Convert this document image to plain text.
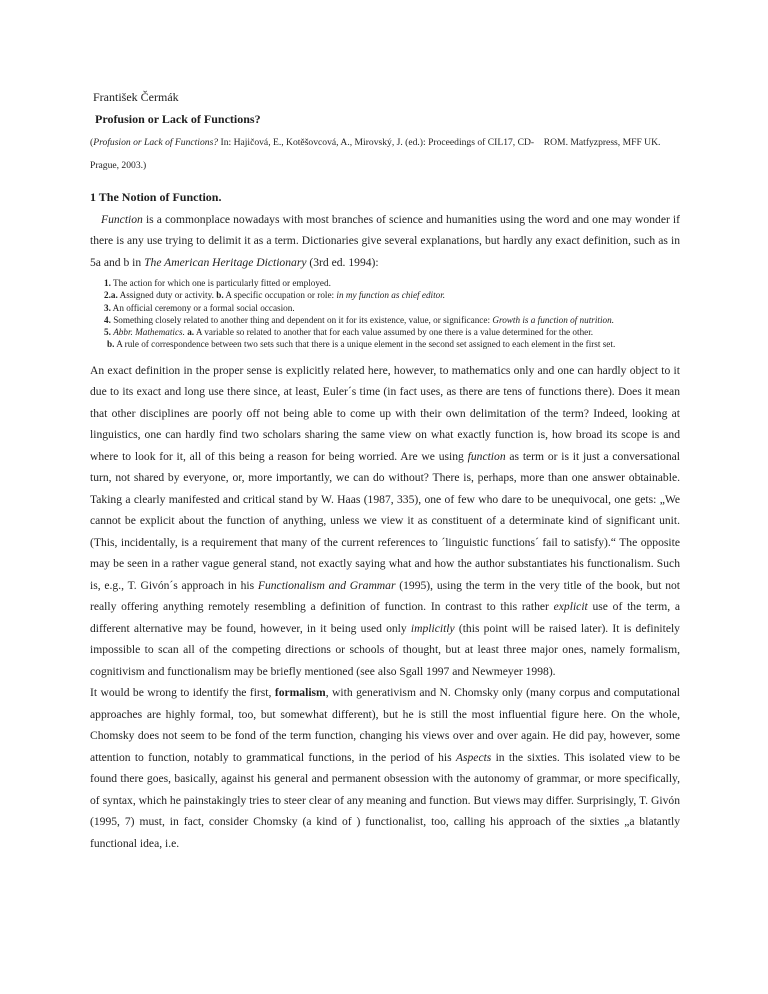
František Čermák
Profusion or Lack of Functions?
(Profusion or Lack of Functions? In: Hajičová, E., Kotěšovcová, A., Mirovský, J. (ed.): Proceedings of CIL17, CD-    ROM. Matfyzpress, MFF UK.
Prague, 2003.)
1 The Notion of Function.

Function is a commonplace nowadays with most branches of science and humanities using the word and one may wonder if there is any use trying to delimit it as a term. Dictionaries give several explanations, but hardly any exact definition, such as in 5a and b in The American Heritage Dictionary (3rd ed. 1994):

1. The action for which one is particularly fitted or employed.
2.a. Assigned duty or activity. b. A specific occupation or role: in my function as chief editor.
3. An official ceremony or a formal social occasion.
4. Something closely related to another thing and dependent on it for its existence, value, or significance: Growth is a function of nutrition.
5. Abbr. Mathematics. a. A variable so related to another that for each value assumed by one there is a value determined for the other.
b. A rule of correspondence between two sets such that there is a unique element in the second set assigned to each element in the first set.

An exact definition in the proper sense is explicitly related here, however, to mathematics only and one can hardly object to it due to its exact and long use there since, at least, Euler´s time (in fact uses, as there are tens of functions there). Does it mean that other disciplines are poorly off not being able to come up with their own delimitation of the term? Indeed, looking at linguistics, one can hardly find two scholars sharing the same view on what exactly function is, how broad its scope is and where to look for it, all of this being a reason for being worried. Are we using function as term or is it just a conversational turn, not shared by everyone, or, more importantly, we can do without? There is, perhaps, more than one answer obtainable. Taking a clearly manifested and critical stand by W. Haas (1987, 335), one of few who dare to be unequivocal, one gets: „We cannot be explicit about the function of anything, unless we view it as constituent of a determinate kind of significant unit. (This, incidentally, is a requirement that many of the current references to ´linguistic functions´ fail to satisfy).“ The opposite may be seen in a rather vague general stand, not exactly saying what and how the author substantiates his functionalism. Such is, e.g., T. Givón´s approach in his Functionalism and Grammar (1995), using the term in the very title of the book, but not really offering anything remotely resembling a definition of function. In contrast to this rather explicit use of the term, a different alternative may be found, however, in it being used only implicitly (this point will be raised later). It is definitely impossible to scan all of the competing directions or schools of thought, but at least three major ones, namely formalism, cognitivism and functionalism may be briefly mentioned (see also Sgall 1997 and Newmeyer 1998).

It would be wrong to identify the first, formalism, with generativism and N. Chomsky only (many corpus and computational approaches are highly formal, too, but somewhat different), but he is still the most influential figure here. On the whole, Chomsky does not seem to be fond of the term function, changing his views over and over again. He did pay, however, some attention to function, notably to grammatical functions, in the period of his Aspects in the sixties. This isolated view to be found there goes, basically, against his general and permanent obsession with the autonomy of grammar, or more specifically, of syntax, which he painstakingly tries to steer clear of any meaning and function. But views may differ. Surprisingly, T. Givón (1995, 7) must, in fact, consider Chomsky (a kind of ) functionalist, too, calling his approach of the sixties „a blatantly functional idea, i.e.
